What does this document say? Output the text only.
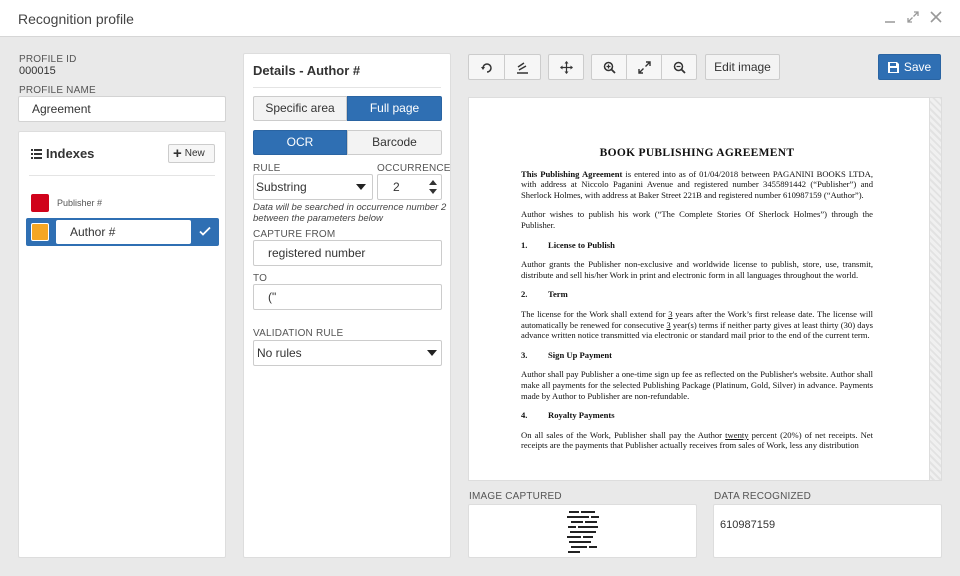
Recognition profile
PROFILE ID
000015
PROFILE NAME
Agreement
Indexes	+ New
Publisher #
Author #
Details - Author #
Specific area	Full page
OCR	Barcode
RULE	OCCURRENCE
Substring	2
Data will be searched in occurrence number 2 between the parameters below
CAPTURE FROM
registered number
TO
("
VALIDATION RULE
No rules
Edit image	Save
BOOK PUBLISHING AGREEMENT
This Publishing Agreement is entered into as of 01/04/2018 between PAGANINI BOOKS LTDA, with address at Niccolo Paganini Avenue and registered number 3455891442 (“Publisher”) and Sherlock Holmes, with address at Baker Street 221B and registered number 610987159 (“Author”).
Author wishes to publish his work (“The Complete Stories Of Sherlock Holmes”) through the Publisher.
1. License to Publish
Author grants the Publisher non-exclusive and worldwide license to publish, store, use, transmit, distribute and sell his/her Work in print and electronic form in all languages throughout the world.
2. Term
The license for the Work shall extend for 3 years after the Work’s first release date. The license will automatically be renewed for consecutive 3 year(s) terms if neither party gives at least thirty (30) days advance written notice transmitted via electronic or standard mail prior to the end of the current term.
3. Sign Up Payment
Author shall pay Publisher a one-time sign up fee as reflected on the Publisher's website. Author shall make all payments for the selected Publishing Package (Platinum, Gold, Silver) in advance. Payments made by Author to Publisher are non-refundable.
4. Royalty Payments
On all sales of the Work, Publisher shall pay the Author twenty percent (20%) of net receipts. Net receipts are the payments that Publisher actually receives from sales of Work, less any distribution
IMAGE CAPTURED	DATA RECOGNIZED
610987159
